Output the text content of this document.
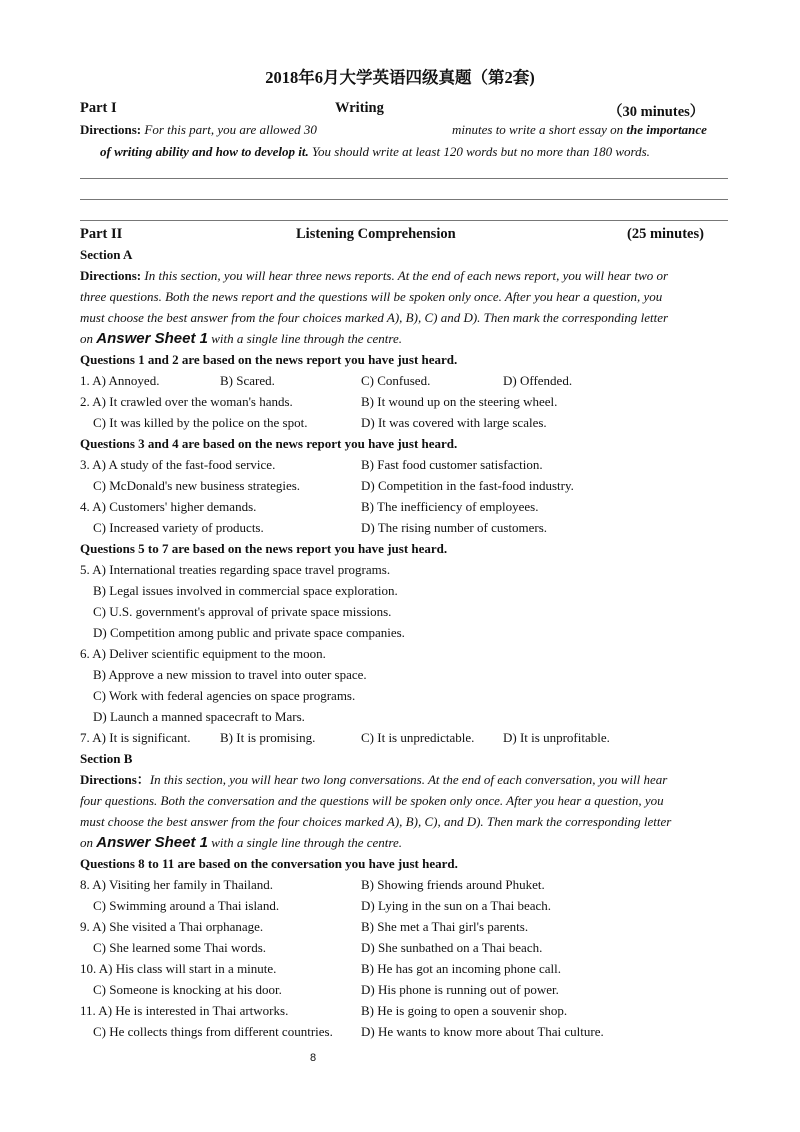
2018年6月大学英语四级真题（第2套)
Part I	Writing	（30 minutes）
Directions: For this part, you are allowed 30	minutes to write a short essay on the importance
of writing ability and how to develop it. You should write at least 120 words but no more than 180 words.
Part II	Listening Comprehension	(25 minutes)
Section A
Directions: In this section, you will hear three news reports. At the end of each news report, you will hear two or
three questions. Both the news report and the questions will be spoken only once. After you hear a question, you
must choose the best answer from the four choices marked A), B), C) and D). Then mark the corresponding letter
on Answer Sheet 1 with a single line through the centre.
Questions 1 and 2 are based on the news report you have just heard.
1. A) Annoyed.	B) Scared.	C) Confused.	D) Offended.
2. A) It crawled over the woman's hands.	B) It wound up on the steering wheel.
C) It was killed by the police on the spot.	D) It was covered with large scales.
Questions 3 and 4 are based on the news report you have just heard.
3. A) A study of the fast-food service.	B) Fast food customer satisfaction.
C) McDonald's new business strategies.	D) Competition in the fast-food industry.
4. A) Customers' higher demands.	B) The inefficiency of employees.
C) Increased variety of products.	D) The rising number of customers.
Questions 5 to 7 are based on the news report you have just heard.
5. A) International treaties regarding space travel programs.
B) Legal issues involved in commercial space exploration.
C) U.S. government's approval of private space missions.
D) Competition among public and private space companies.
6. A) Deliver scientific equipment to the moon.
B) Approve a new mission to travel into outer space.
C) Work with federal agencies on space programs.
D) Launch a manned spacecraft to Mars.
7. A) It is significant. B) It is promising.	C) It is unpredictable. D) It is unprofitable.
Section B
Directions：In this section, you will hear two long conversations. At the end of each conversation, you will hear
four questions. Both the conversation and the questions will be spoken only once. After you hear a question, you
must choose the best answer from the four choices marked A), B), C), and D). Then mark the corresponding letter
on Answer Sheet 1 with a single line through the centre.
Questions 8 to 11 are based on the conversation you have just heard.
8. A) Visiting her family in Thailand.	B) Showing friends around Phuket.
C) Swimming around a Thai island.	D) Lying in the sun on a Thai beach.
9. A) She visited a Thai orphanage.	B) She met a Thai girl's parents.
C) She learned some Thai words.	D) She sunbathed on a Thai beach.
10. A) His class will start in a minute.	B) He has got an incoming phone call.
C) Someone is knocking at his door.	D) His phone is running out of power.
11. A) He is interested in Thai artworks.	B) He is going to open a souvenir shop.
C) He collects things from different countries. D) He wants to know more about Thai culture.
8
